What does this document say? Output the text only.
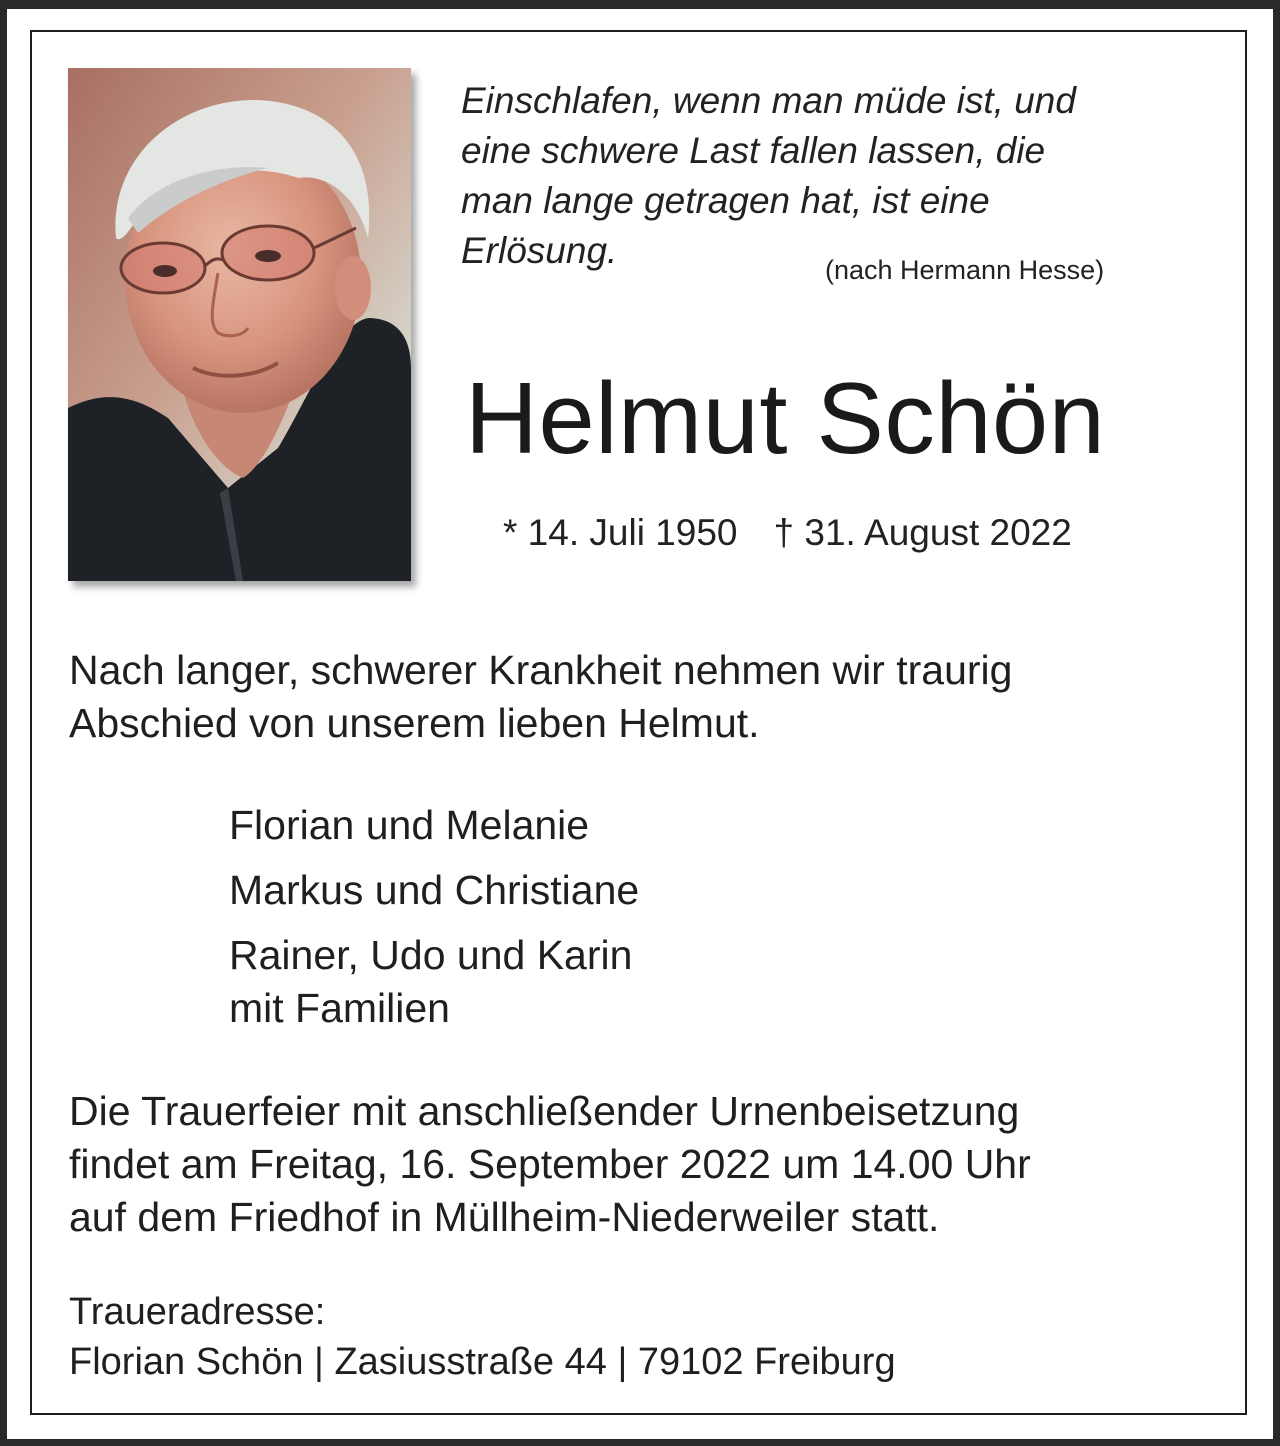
Einschlafen, wenn man müde ist, und
eine schwere Last fallen lassen, die
man lange getragen hat, ist eine
Erlösung.	(nach Hermann Hesse)
Helmut Schön
* 14. Juli 1950 † 31. August 2022
Nach langer, schwerer Krankheit nehmen wir traurig
Abschied von unserem lieben Helmut.
Florian und Melanie
Markus und Christiane
Rainer, Udo und Karin
mit Familien
Die Trauerfeier mit anschließender Urnenbeisetzung
findet am Freitag, 16. September 2022 um 14.00 Uhr
auf dem Friedhof in Müllheim-Niederweiler statt.
Traueradresse:
Florian Schön | Zasiusstraße 44 | 79102 Freiburg
